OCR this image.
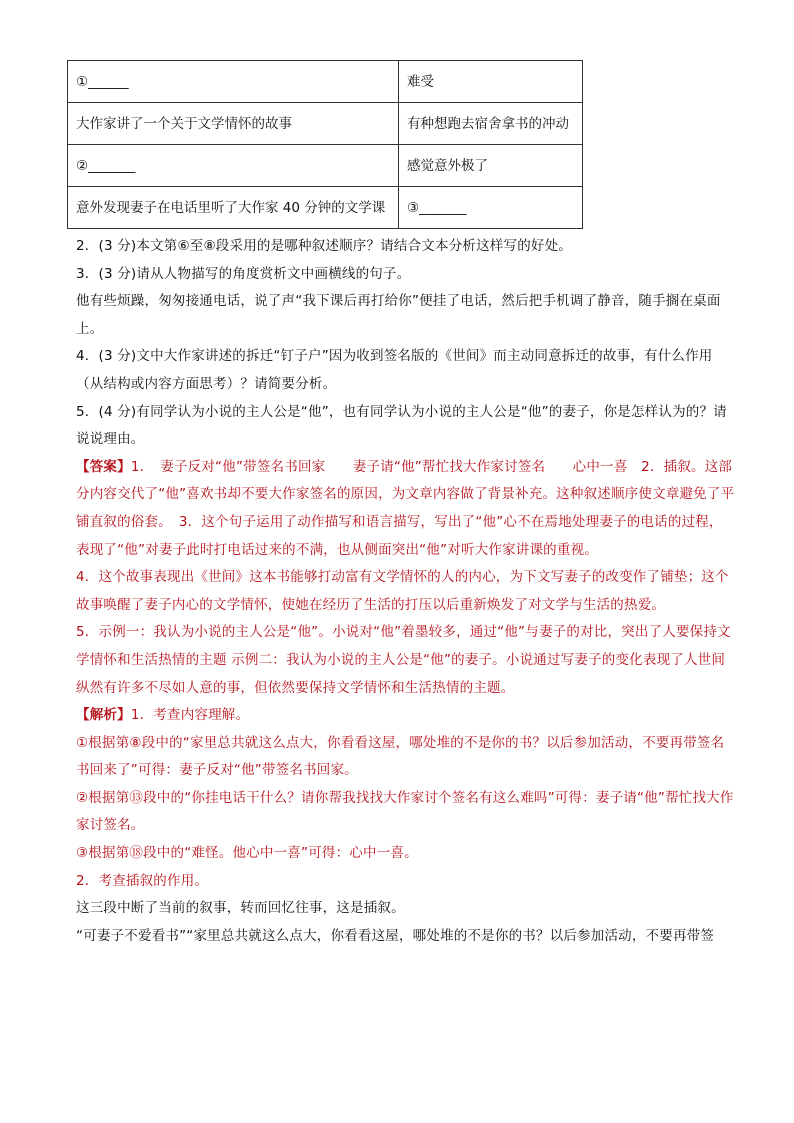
①______	难受
大作家讲了一个关于文学情怀的故事	有种想跑去宿舍拿书的冲动
②_______	感觉意外极了
意外发现妻子在电话里听了大作家 40 分钟的文学课	③_______

2．(3 分)本文第⑥至⑧段采用的是哪种叙述顺序？请结合文本分析这样写的好处。

3．(3 分)请从人物描写的角度赏析文中画横线的句子。

他有些烦躁，匆匆接通电话，说了声“我下课后再打给你”便挂了电话，然后把手机调了静音，随手搁在桌面上。

4．(3 分)文中大作家讲述的拆迁“钉子户”因为收到签名版的《世间》而主动同意拆迁的故事，有什么作用（从结构或内容方面思考）？请简要分析。

5．(4 分)有同学认为小说的主人公是“他”，也有同学认为小说的主人公是“他”的妻子，你是怎样认为的？请说说理由。

【答案】1．　妻子反对“他”带签名书回家　　妻子请“他”帮忙找大作家讨签名　　心中一喜　2．插叙。这部分内容交代了“他”喜欢书却不要大作家签名的原因，为文章内容做了背景补充。这种叙述顺序使文章避免了平铺直叙的俗套。　3．这个句子运用了动作描写和语言描写，写出了“他”心不在焉地处理妻子的电话的过程，表现了“他”对妻子此时打电话过来的不满，也从侧面突出“他”对听大作家讲课的重视。

4．这个故事表现出《世间》这本书能够打动富有文学情怀的人的内心，为下文写妻子的改变作了铺垫；这个故事唤醒了妻子内心的文学情怀，使她在经历了生活的打压以后重新焕发了对文学与生活的热爱。

5．示例一：我认为小说的主人公是“他”。小说对“他”着墨较多，通过“他”与妻子的对比，突出了人要保持文学情怀和生活热情的主题 示例二：我认为小说的主人公是“他”的妻子。小说通过写妻子的变化表现了人世间纵然有许多不尽如人意的事，但依然要保持文学情怀和生活热情的主题。

【解析】1．考查内容理解。

①根据第⑧段中的“家里总共就这么点大，你看看这屋，哪处堆的不是你的书？以后参加活动，不要再带签名书回来了”可得：妻子反对“他”带签名书回家。

②根据第⑬段中的“你挂电话干什么？请你帮我找找大作家讨个签名有这么难吗”可得：妻子请“他”帮忙找大作家讨签名。

③根据第⑱段中的“难怪。他心中一喜”可得：心中一喜。

2．考查插叙的作用。

这三段中断了当前的叙事，转而回忆往事，这是插叙。

“可妻子不爱看书”“家里总共就这么点大，你看看这屋，哪处堆的不是你的书？以后参加活动，不要再带签
